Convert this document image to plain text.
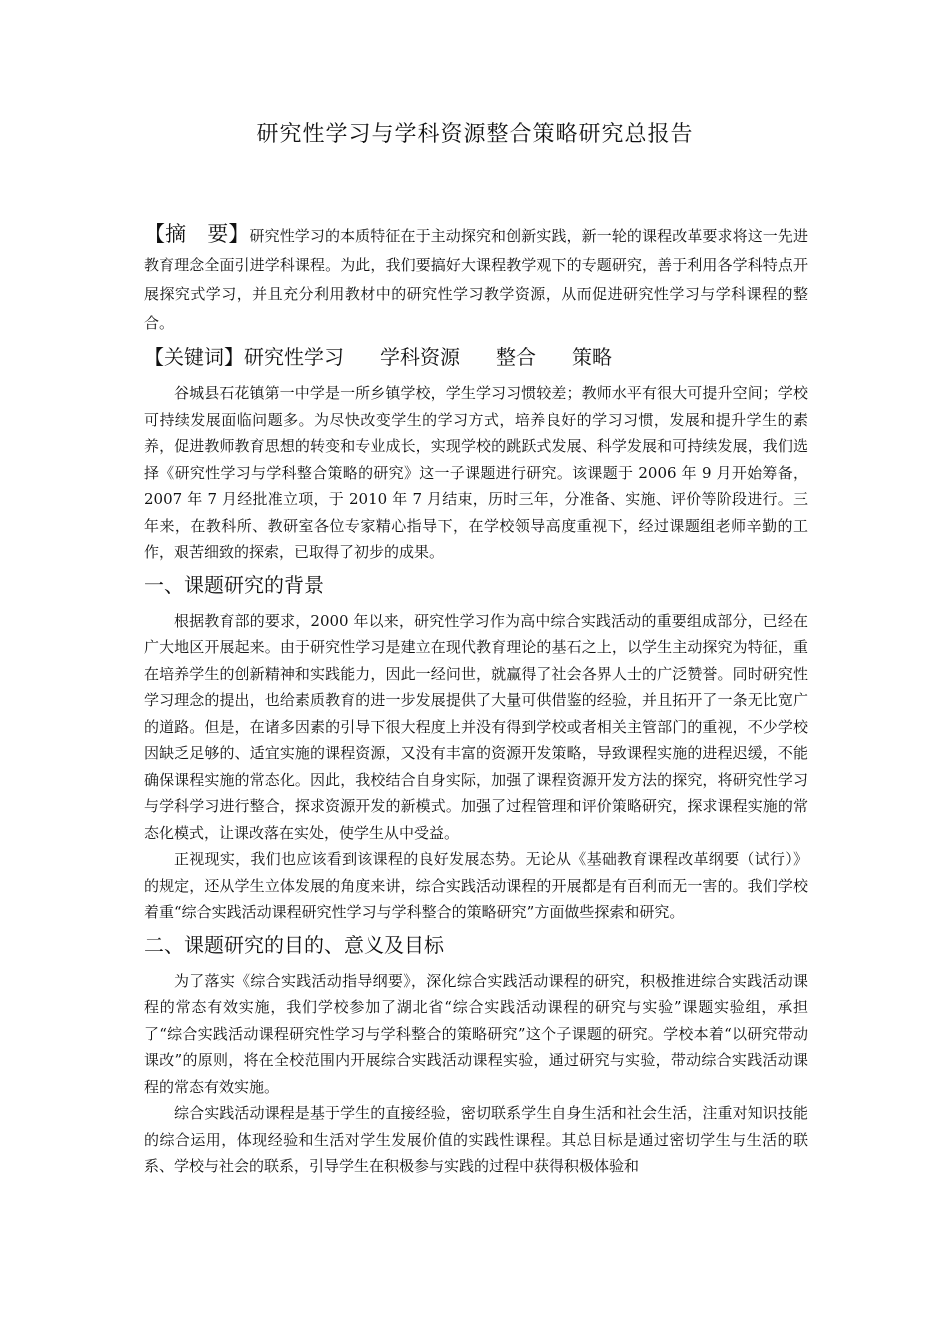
研究性学习与学科资源整合策略研究总报告

【摘　要】研究性学习的本质特征在于主动探究和创新实践，新一轮的课程改革要求将这一先进教育理念全面引进学科课程。为此，我们要搞好大课程教学观下的专题研究，善于利用各学科特点开展探究式学习，并且充分利用教材中的研究性学习教学资源，从而促进研究性学习与学科课程的整合。

【关键词】研究性学习 学科资源 整合 策略

谷城县石花镇第一中学是一所乡镇学校，学生学习习惯较差；教师水平有很大可提升空间；学校可持续发展面临问题多。为尽快改变学生的学习方式，培养良好的学习习惯，发展和提升学生的素养，促进教师教育思想的转变和专业成长，实现学校的跳跃式发展、科学发展和可持续发展，我们选择《研究性学习与学科整合策略的研究》这一子课题进行研究。该课题于 2006 年 9 月开始筹备，2007 年 7 月经批准立项，于 2010 年 7 月结束，历时三年，分准备、实施、评价等阶段进行。三年来，在教科所、教研室各位专家精心指导下，在学校领导高度重视下，经过课题组老师辛勤的工作，艰苦细致的探索，已取得了初步的成果。

一、课题研究的背景

根据教育部的要求，2000 年以来，研究性学习作为高中综合实践活动的重要组成部分，已经在广大地区开展起来。由于研究性学习是建立在现代教育理论的基石之上，以学生主动探究为特征，重在培养学生的创新精神和实践能力，因此一经问世，就赢得了社会各界人士的广泛赞誉。同时研究性学习理念的提出，也给素质教育的进一步发展提供了大量可供借鉴的经验，并且拓开了一条无比宽广的道路。但是，在诸多因素的引导下很大程度上并没有得到学校或者相关主管部门的重视，不少学校因缺乏足够的、适宜实施的课程资源，又没有丰富的资源开发策略，导致课程实施的进程迟缓，不能确保课程实施的常态化。因此，我校结合自身实际，加强了课程资源开发方法的探究，将研究性学习与学科学习进行整合，探求资源开发的新模式。加强了过程管理和评价策略研究，探求课程实施的常态化模式，让课改落在实处，使学生从中受益。

正视现实，我们也应该看到该课程的良好发展态势。无论从《基础教育课程改革纲要（试行）》的规定，还从学生立体发展的角度来讲，综合实践活动课程的开展都是有百利而无一害的。我们学校着重“综合实践活动课程研究性学习与学科整合的策略研究”方面做些探索和研究。

二、课题研究的目的、意义及目标

为了落实《综合实践活动指导纲要》，深化综合实践活动课程的研究，积极推进综合实践活动课程的常态有效实施，我们学校参加了湖北省“综合实践活动课程的研究与实验”课题实验组，承担了“综合实践活动课程研究性学习与学科整合的策略研究”这个子课题的研究。学校本着“以研究带动课改”的原则，将在全校范围内开展综合实践活动课程实验，通过研究与实验，带动综合实践活动课程的常态有效实施。

综合实践活动课程是基于学生的直接经验，密切联系学生自身生活和社会生活，注重对知识技能的综合运用，体现经验和生活对学生发展价值的实践性课程。其总目标是通过密切学生与生活的联系、学校与社会的联系，引导学生在积极参与实践的过程中获得积极体验和
